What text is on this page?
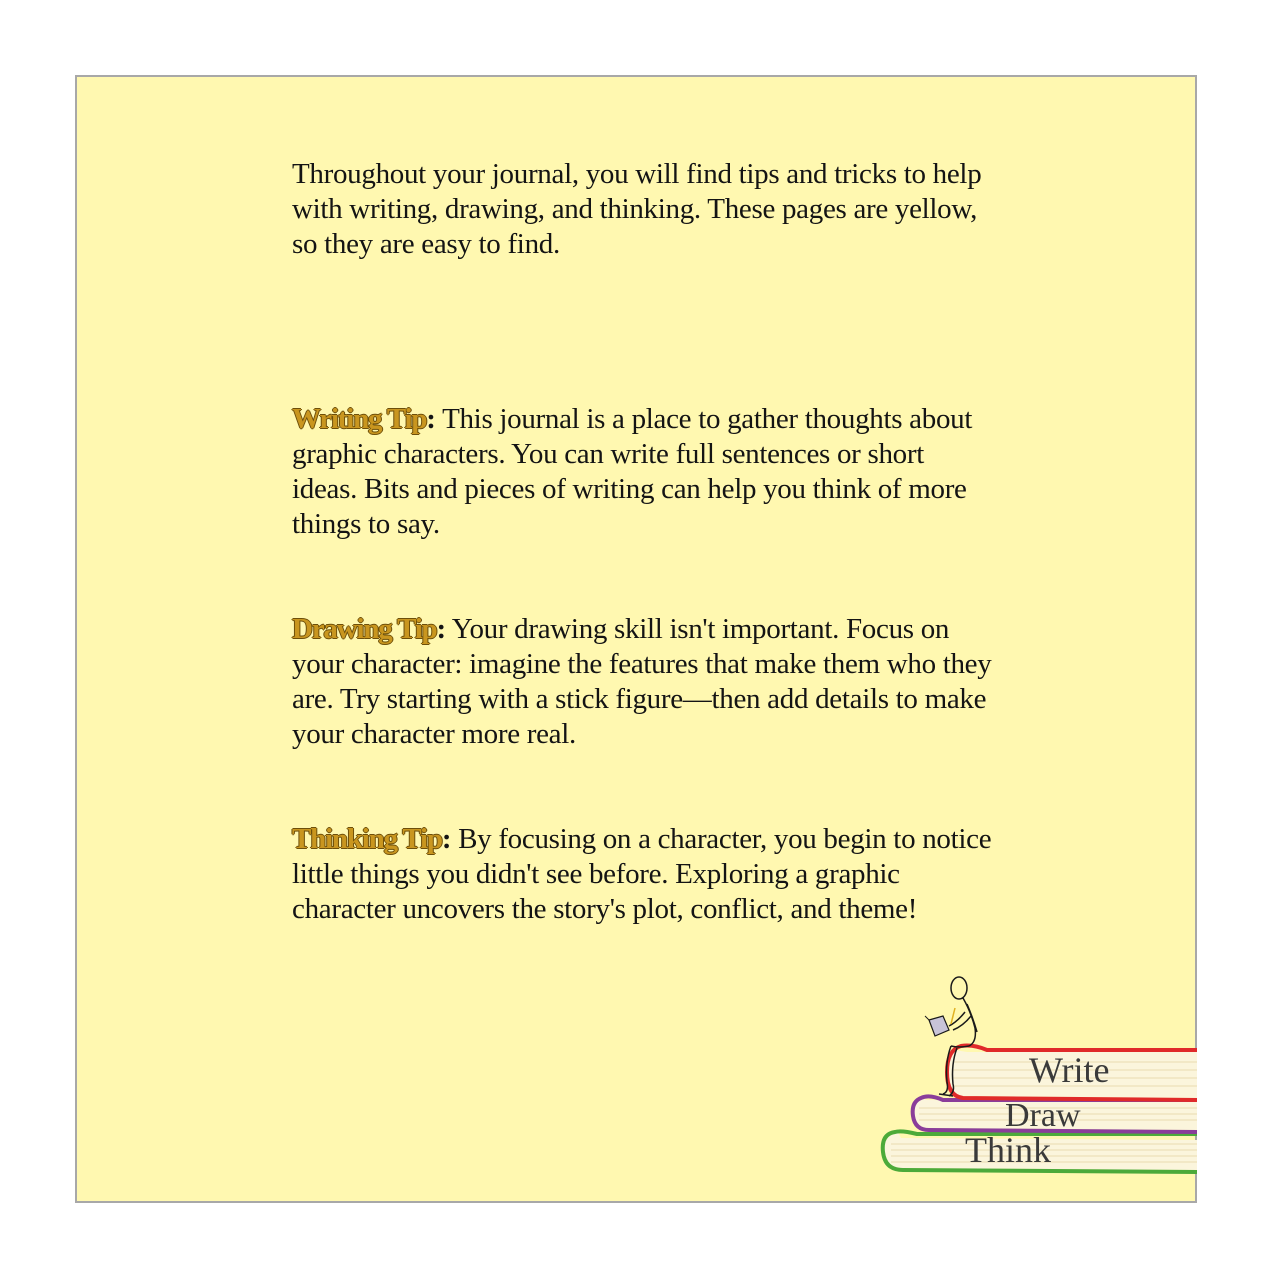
Throughout your journal, you will find tips and tricks to help with writing, drawing, and thinking. These pages are yellow, so they are easy to find.

Writing Tip: This journal is a place to gather thoughts about graphic characters. You can write full sentences or short ideas. Bits and pieces of writing can help you think of more things to say.

Drawing Tip: Your drawing skill isn't important. Focus on your character: imagine the features that make them who they are. Try starting with a stick figure—then add details to make your character more real.

Thinking Tip: By focusing on a character, you begin to notice little things you didn't see before. Exploring a graphic character uncovers the story's plot, conflict, and theme!

Think
Draw
Write
